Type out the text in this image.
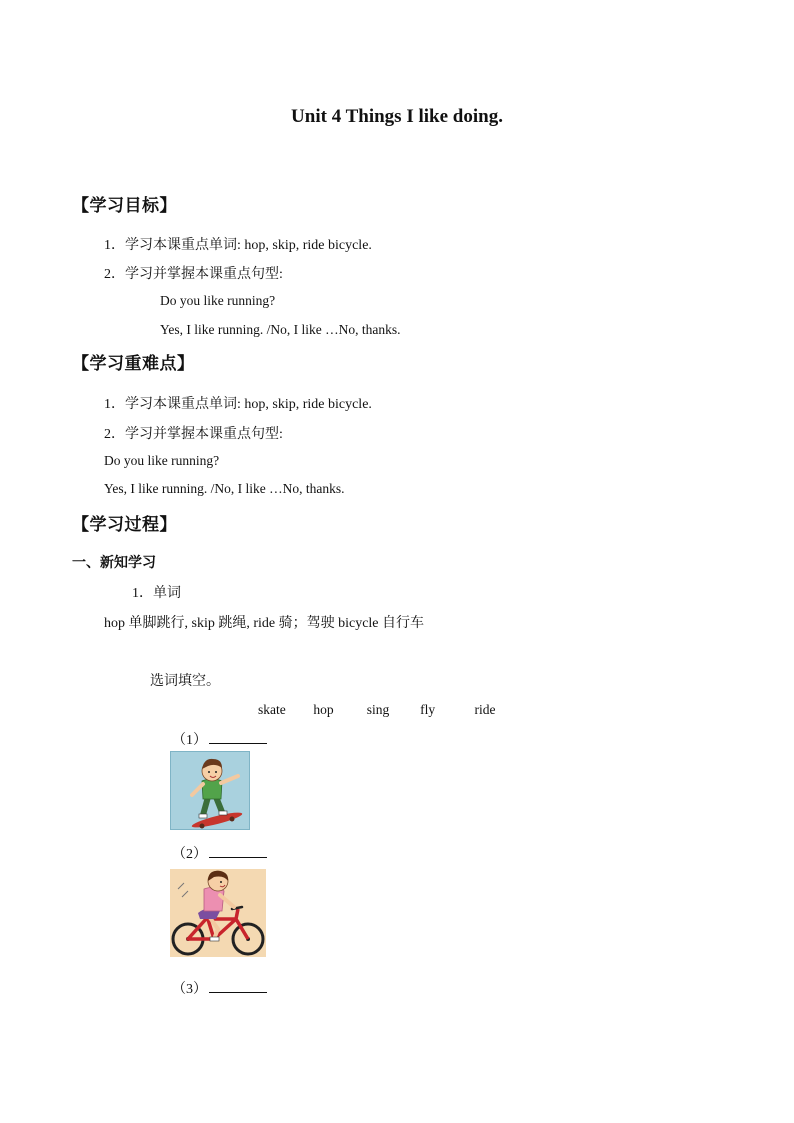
Unit 4 Things I like doing.
【学习目标】
1．学习本课重点单词: hop, skip, ride bicycle.
2．学习并掌握本课重点句型:
Do you like running?
Yes, I like running. /No, I like …No, thanks.
【学习重难点】
1．学习本课重点单词: hop, skip, ride bicycle.
2．学习并掌握本课重点句型:
Do you like running?
Yes, I like running. /No, I like …No, thanks.
【学习过程】
一、新知学习
1．单词
hop 单脚跳行, skip 跳绳, ride 骑；驾驶 bicycle 自行车
选词填空。
skate hop sing fly	ride
（1）
（2）
（3）
